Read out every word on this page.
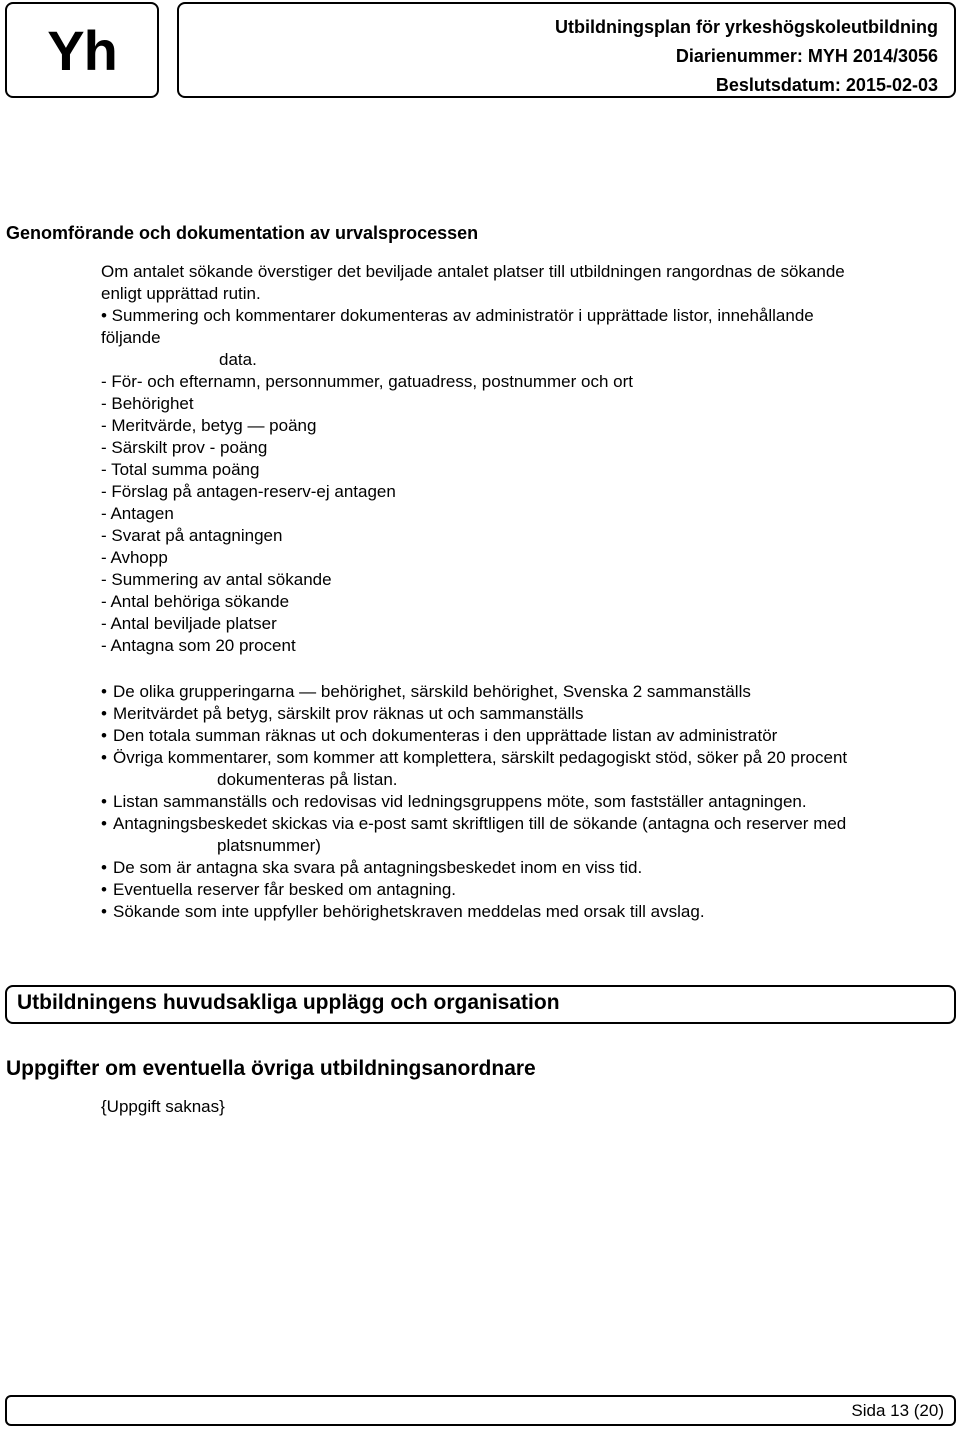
Yh	Utbildningsplan för yrkeshögskoleutbildning
Diarienummer: MYH 2014/3056
Beslutsdatum: 2015-02-03
Genomförande och dokumentation av urvalsprocessen
Om antalet sökande överstiger det beviljade antalet platser till utbildningen rangordnas de sökande
enligt upprättad rutin.
• Summering och kommentarer dokumenteras av administratör i upprättade listor, innehållande
följande
data.
- För- och efternamn, personnummer, gatuadress, postnummer och ort
- Behörighet
- Meritvärde, betyg — poäng
- Särskilt prov - poäng
- Total summa poäng
- Förslag på antagen-reserv-ej antagen
- Antagen
- Svarat på antagningen
- Avhopp
- Summering av antal sökande
- Antal behöriga sökande
- Antal beviljade platser
- Antagna som 20 procent
• De olika grupperingarna — behörighet, särskild behörighet, Svenska 2 sammanställs
• Meritvärdet på betyg, särskilt prov räknas ut och sammanställs
• Den totala summan räknas ut och dokumenteras i den upprättade listan av administratör
• Övriga kommentarer, som kommer att komplettera, särskilt pedagogiskt stöd, söker på 20 procent
dokumenteras på listan.
• Listan sammanställs och redovisas vid ledningsgruppens möte, som fastställer antagningen.
• Antagningsbeskedet skickas via e-post samt skriftligen till de sökande (antagna och reserver med
platsnummer)
• De som är antagna ska svara på antagningsbeskedet inom en viss tid.
• Eventuella reserver får besked om antagning.
• Sökande som inte uppfyller behörighetskraven meddelas med orsak till avslag.
Utbildningens huvudsakliga upplägg och organisation
Uppgifter om eventuella övriga utbildningsanordnare
{Uppgift saknas}
Sida 13 (20)
